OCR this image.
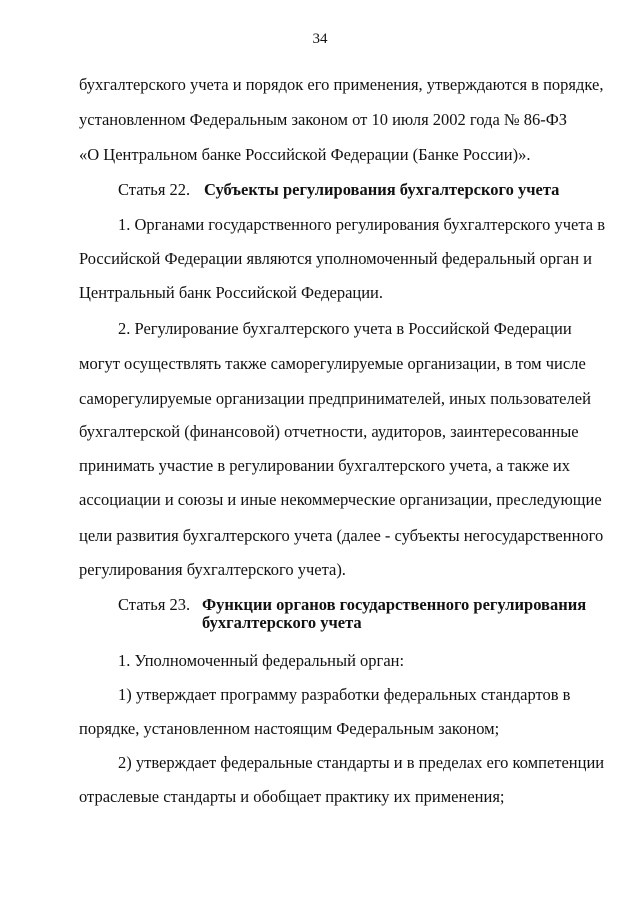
34
бухгалтерского учета и порядок его применения, утверждаются в порядке,
установленном Федеральным законом от 10 июля 2002 года № 86-ФЗ
«О Центральном банке Российской Федерации (Банке России)».
Статья 22. Субъекты регулирования бухгалтерского учета
1. Органами государственного регулирования бухгалтерского учета в
Российской Федерации являются уполномоченный федеральный орган и
Центральный банк Российской Федерации.
2. Регулирование бухгалтерского учета в Российской Федерации
могут осуществлять также саморегулируемые организации, в том числе
саморегулируемые организации предпринимателей, иных пользователей
бухгалтерской (финансовой) отчетности, аудиторов, заинтересованные
принимать участие в регулировании бухгалтерского учета, а также их
ассоциации и союзы и иные некоммерческие организации, преследующие
цели развития бухгалтерского учета (далее - субъекты негосударственного
регулирования бухгалтерского учета).
Статья 23. Функции органов государственного регулирования
бухгалтерского учета
1. Уполномоченный федеральный орган:
1) утверждает программу разработки федеральных стандартов в
порядке, установленном настоящим Федеральным законом;
2) утверждает федеральные стандарты и в пределах его компетенции
отраслевые стандарты и обобщает практику их применения;
